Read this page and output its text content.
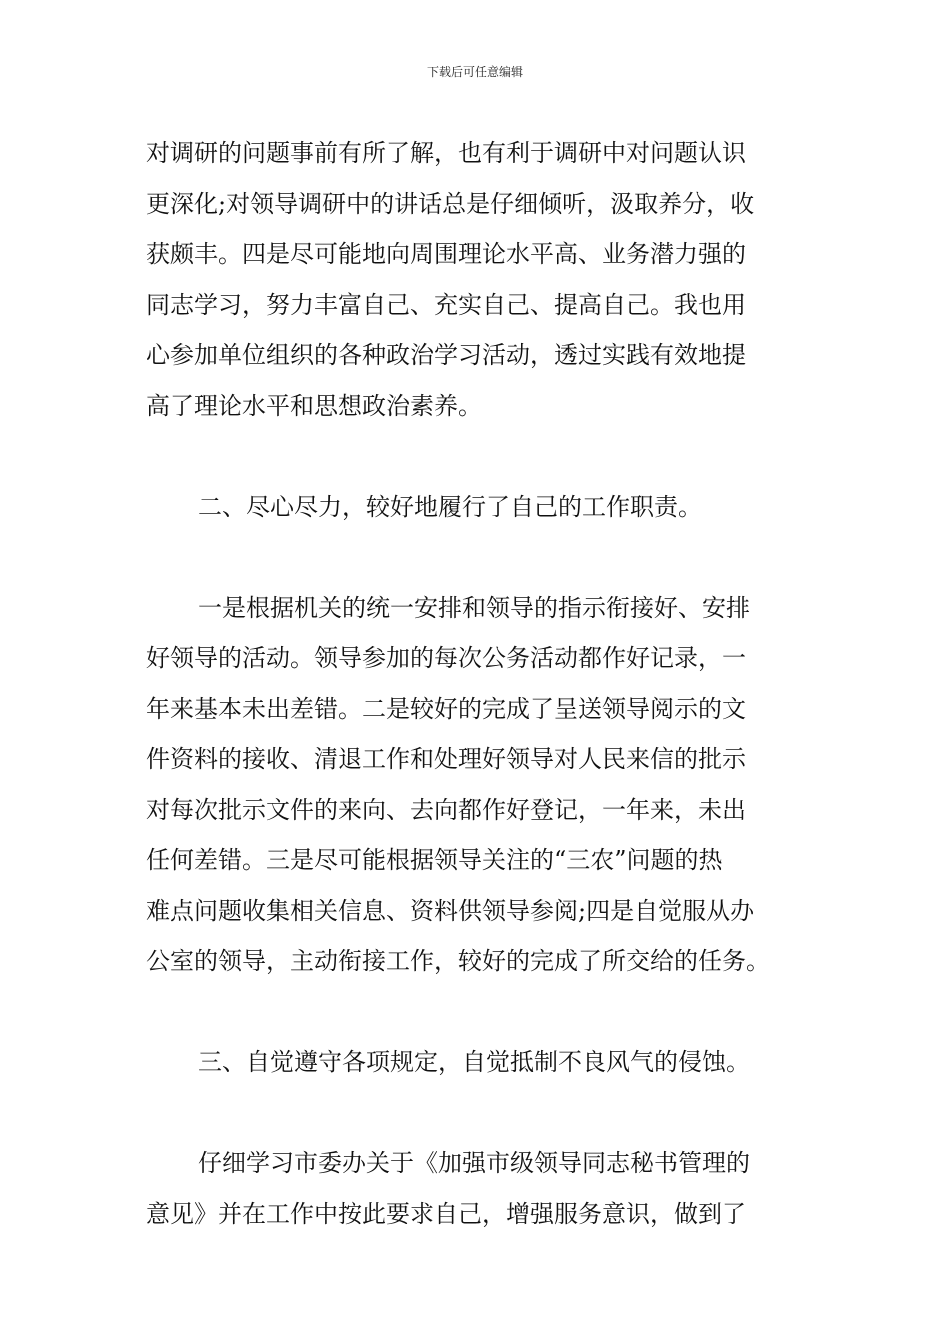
下载后可任意编辑
对调研的问题事前有所了解，也有利于调研中对问题认识
更深化;对领导调研中的讲话总是仔细倾听，汲取养分，收
获颇丰。四是尽可能地向周围理论水平高、业务潜力强的
同志学习，努力丰富自己、充实自己、提高自己。我也用
心参加单位组织的各种政治学习活动，透过实践有效地提
高了理论水平和思想政治素养。
二、尽心尽力，较好地履行了自己的工作职责。
一是根据机关的统一安排和领导的指示衔接好、安排
好领导的活动。领导参加的每次公务活动都作好记录，一
年来基本未出差错。二是较好的完成了呈送领导阅示的文
件资料的接收、清退工作和处理好领导对人民来信的批示
对每次批示文件的来向、去向都作好登记，一年来，未出
任何差错。三是尽可能根据领导关注的“三农”问题的热
难点问题收集相关信息、资料供领导参阅;四是自觉服从办
公室的领导，主动衔接工作，较好的完成了所交给的任务。
三、自觉遵守各项规定，自觉抵制不良风气的侵蚀。
仔细学习市委办关于《加强市级领导同志秘书管理的
意见》并在工作中按此要求自己，增强服务意识，做到了
